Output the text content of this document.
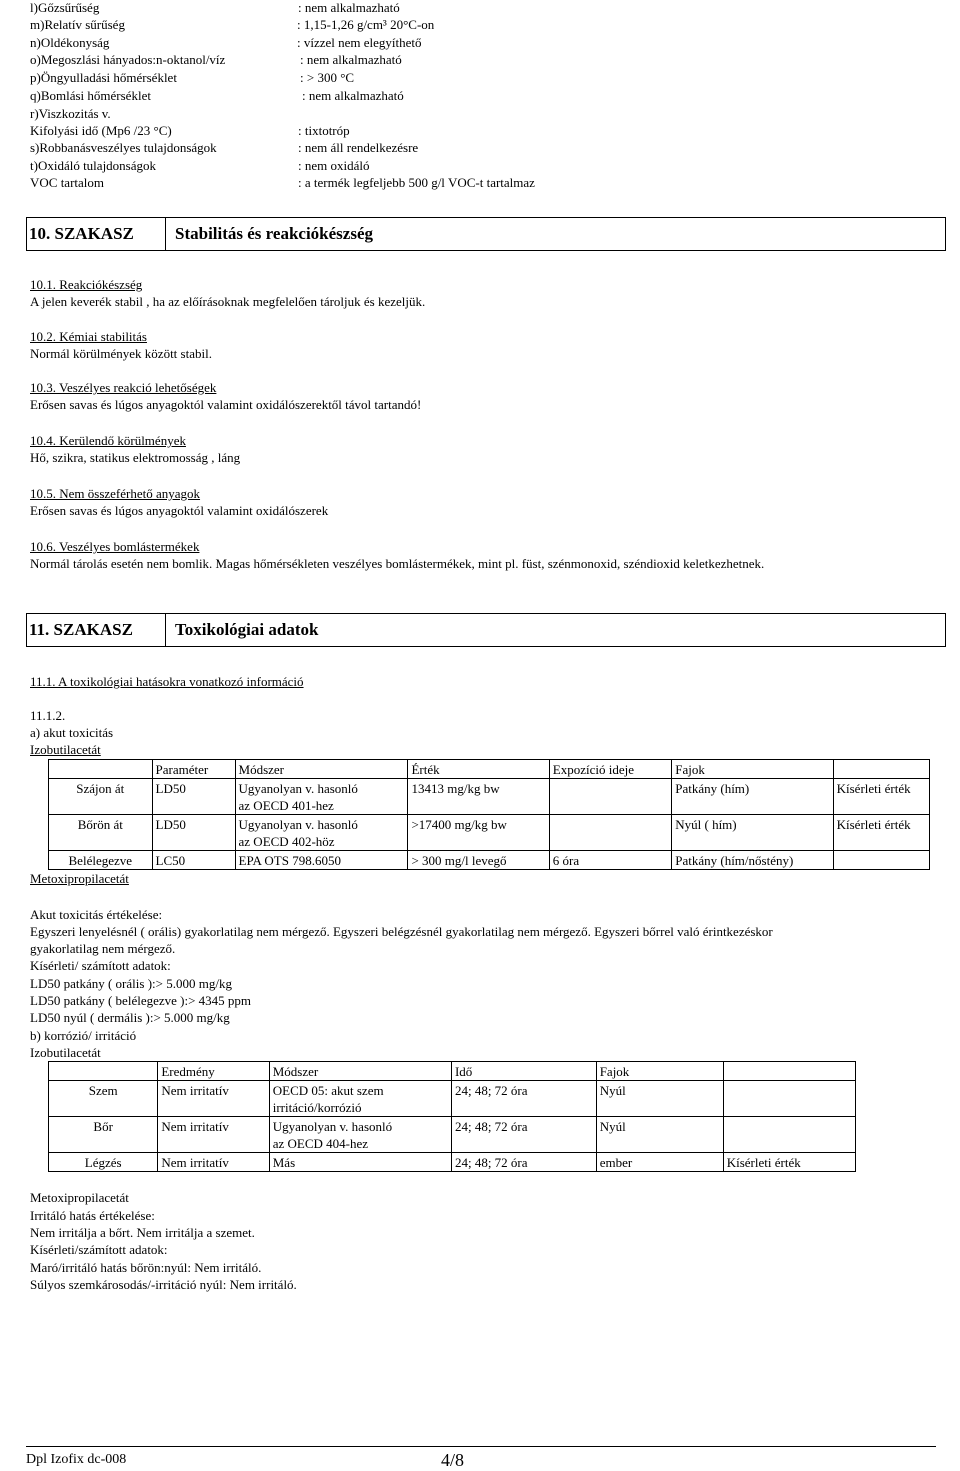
l)Gőzsűrűség	: nem alkalmazható
m)Relatív sűrűség	: 1,15-1,26 g/cm³ 20°C-on
n)Oldékonyság	: vízzel nem elegyíthető
o)Megoszlási hányados:n-oktanol/víz	: nem alkalmazható
p)Öngyulladási hőmérséklet	: > 300 °C
q)Bomlási hőmérséklet	: nem alkalmazható
r)Viszkozitás v.
Kifolyási idő (Mp6 /23 °C)	: tixtotróp
s)Robbanásveszélyes tulajdonságok	: nem áll rendelkezésre
t)Oxidáló tulajdonságok	: nem oxidáló
VOC tartalom	: a termék legfeljebb 500 g/l VOC-t tartalmaz
10. SZAKASZ Stabilitás és reakciókészség
10.1. Reakciókészség
A jelen keverék stabil , ha az előírásoknak megfelelően tároljuk és kezeljük.
10.2. Kémiai stabilitás
Normál körülmények között stabil.
10.3. Veszélyes reakció lehetőségek
Erősen savas és lúgos anyagoktól valamint oxidálószerektől távol tartandó!
10.4. Kerülendő körülmények
Hő, szikra, statikus elektromosság , láng
10.5. Nem összeférhető anyagok
Erősen savas és lúgos anyagoktól valamint oxidálószerek
10.6. Veszélyes bomlástermékek
Normál tárolás esetén nem bomlik. Magas hőmérsékleten veszélyes bomlástermékek, mint pl. füst, szénmonoxid, széndioxid keletkezhetnek.
11. SZAKASZ Toxikológiai adatok
11.1. A toxikológiai hatásokra vonatkozó információ
11.1.2.
a) akut toxicitás
Izobutilacetát
	Paraméter	Módszer	Érték	Expozíció ideje	Fajok	
Szájon át	LD50	Ugyanolyan v. hasonló
az OECD 401-hez	13413 mg/kg bw		Patkány (hím)	Kísérleti érték
Bőrön át	LD50	Ugyanolyan v. hasonló
az OECD 402-höz	>17400 mg/kg bw		Nyúl ( hím)	Kísérleti érték
Belélegezve	LC50	EPA OTS 798.6050	> 300 mg/l levegő	6 óra	Patkány (hím/nőstény)	
Metoxipropilacetát
Akut toxicitás értékelése:
Egyszeri lenyelésnél ( orális) gyakorlatilag nem mérgező. Egyszeri belégzésnél gyakorlatilag nem mérgező. Egyszeri bőrrel való érintkezéskor
gyakorlatilag nem mérgező.
Kísérleti/ számított adatok:
LD50 patkány ( orális ):> 5.000 mg/kg
LD50 patkány ( belélegezve ):> 4345 ppm
LD50 nyúl ( dermális ):> 5.000 mg/kg
b) korrózió/ irritáció
Izobutilacetát
	Eredmény	Módszer	Idő	Fajok	
Szem	Nem irritatív	OECD 05: akut szem
irritáció/korrózió	24; 48; 72 óra	Nyúl	
Bőr	Nem irritatív	Ugyanolyan v. hasonló
az OECD 404-hez	24; 48; 72 óra	Nyúl	
Légzés	Nem irritatív	Más	24; 48; 72 óra	ember	Kísérleti érték
Metoxipropilacetát
Irritáló hatás értékelése:
Nem irritálja a bőrt. Nem irritálja a szemet.
Kísérleti/számított adatok:
Maró/irritáló hatás bőrön:nyúl: Nem irritáló.
Súlyos szemkárosodás/-irritáció nyúl: Nem irritáló.
Dpl Izofix dc-008	4/8
